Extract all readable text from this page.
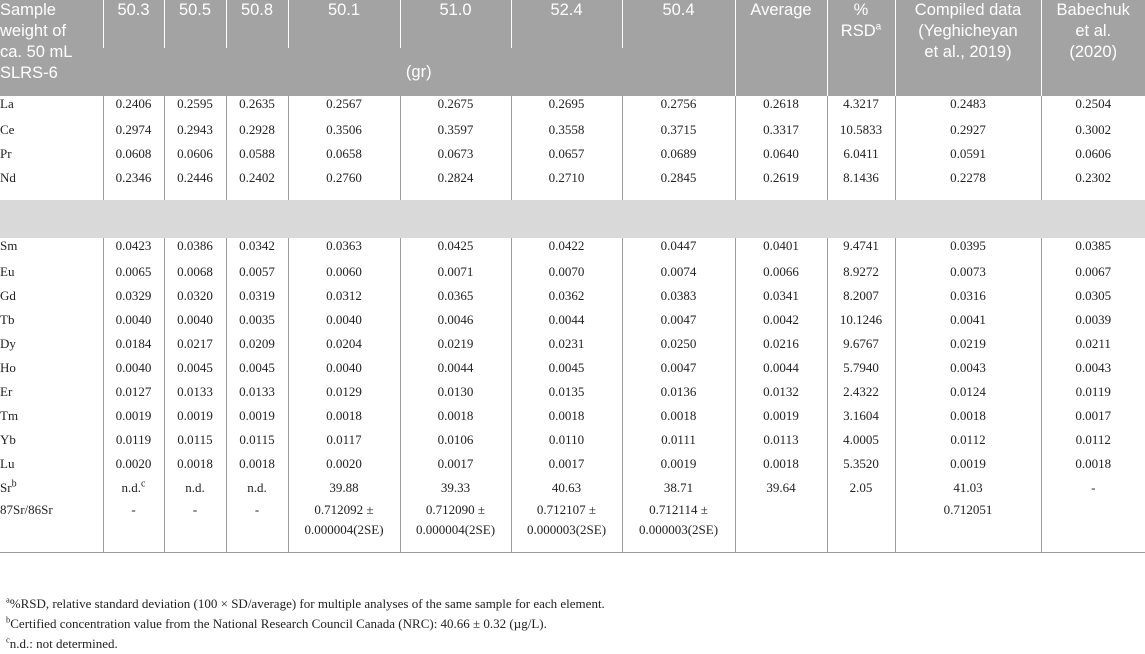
Sample
weight of
ca. 50 mL
SLRS-6	50.3	50.5	50.8	50.1	51.0	52.4	50.4	Average	%
RSD$^a$	Compiled data
(Yeghicheyan
et al., 2019)	Babechuk
et al.
(2020)
	(gr)										
La	0.2406	0.2595	0.2635	0.2567	0.2675	0.2695	0.2756	0.2618	4.3217	0.2483	0.2504
Ce	0.2974	0.2943	0.2928	0.3506	0.3597	0.3558	0.3715	0.3317	10.5833	0.2927	0.3002
Pr	0.0608	0.0606	0.0588	0.0658	0.0673	0.0657	0.0689	0.0640	6.0411	0.0591	0.0606
Nd	0.2346	0.2446	0.2402	0.2760	0.2824	0.2710	0.2845	0.2619	8.1436	0.2278	0.2302

Sm	0.0423	0.0386	0.0342	0.0363	0.0425	0.0422	0.0447	0.0401	9.4741	0.0395	0.0385
Eu	0.0065	0.0068	0.0057	0.0060	0.0071	0.0070	0.0074	0.0066	8.9272	0.0073	0.0067
Gd	0.0329	0.0320	0.0319	0.0312	0.0365	0.0362	0.0383	0.0341	8.2007	0.0316	0.0305
Tb	0.0040	0.0040	0.0035	0.0040	0.0046	0.0044	0.0047	0.0042	10.1246	0.0041	0.0039
Dy	0.0184	0.0217	0.0209	0.0204	0.0219	0.0231	0.0250	0.0216	9.6767	0.0219	0.0211
Ho	0.0040	0.0045	0.0045	0.0040	0.0044	0.0045	0.0047	0.0044	5.7940	0.0043	0.0043
Er	0.0127	0.0133	0.0133	0.0129	0.0130	0.0135	0.0136	0.0132	2.4322	0.0124	0.0119
Tm	0.0019	0.0019	0.0019	0.0018	0.0018	0.0018	0.0018	0.0019	3.1604	0.0018	0.0017
Yb	0.0119	0.0115	0.0115	0.0117	0.0106	0.0110	0.0111	0.0113	4.0005	0.0112	0.0112
Lu	0.0020	0.0018	0.0018	0.0020	0.0017	0.0017	0.0019	0.0018	5.3520	0.0019	0.0018
Sr$^b$	n.d.$^c$	n.d.	n.d.	39.88	39.33	40.63	38.71	39.64	2.05	41.03	-
87Sr/86Sr	-	-	-	0.712092 ±
0.000004(2SE)	0.712090 ±
0.000004(2SE)	0.712107 ±
0.000003(2SE)	0.712114 ±
0.000003(2SE)			0.712051	

$^a$%RSD, relative standard deviation (100 × SD/average) for multiple analyses of the same sample for each element.
$^b$Certified concentration value from the National Research Council Canada (NRC): 40.66 ± 0.32 (µg/L).
$^c$n.d.: not determined.
